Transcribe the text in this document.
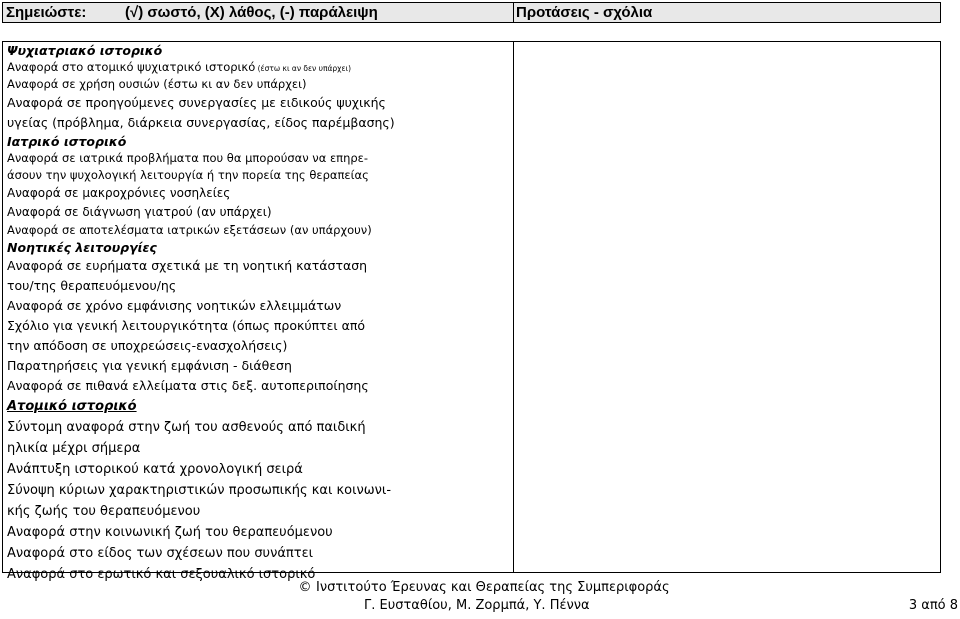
Σημειώστε:	(√) σωστό, (X) λάθος, (-) παράλειψη	Προτάσεις - σχόλια
Ψυχιατριακό ιστορικό
Αναφορά στο ατομικό ψυχιατρικό ιστορικό (έστω κι αν δεν υπάρχει)
Αναφορά σε χρήση ουσιών (έστω κι αν δεν υπάρχει)
Αναφορά σε προηγούμενες συνεργασίες με ειδικούς ψυχικής
υγείας (πρόβλημα, διάρκεια συνεργασίας, είδος παρέμβασης)
Ιατρικό ιστορικό
Αναφορά σε ιατρικά προβλήματα που θα μπορούσαν να επηρε-
άσουν την ψυχολογική λειτουργία ή την πορεία της θεραπείας
Αναφορά σε μακροχρόνιες νοσηλείες
Αναφορά σε διάγνωση γιατρού (αν υπάρχει)
Αναφορά σε αποτελέσματα ιατρικών εξετάσεων (αν υπάρχουν)
Νοητικές λειτουργίες
Αναφορά σε ευρήματα σχετικά με τη νοητική κατάσταση
του/της θεραπευόμενου/ης
Αναφορά σε χρόνο εμφάνισης νοητικών ελλειμμάτων
Σχόλιο για γενική λειτουργικότητα (όπως προκύπτει από
την απόδοση σε υποχρεώσεις-ενασχολήσεις)
Παρατηρήσεις για γενική εμφάνιση - διάθεση
Αναφορά σε πιθανά ελλείματα στις δεξ. αυτοπεριποίησης
Ατομικό ιστορικό
Σύντομη αναφορά στην ζωή του ασθενούς από παιδική
ηλικία μέχρι σήμερα
Ανάπτυξη ιστορικού κατά χρονολογική σειρά
Σύνοψη κύριων χαρακτηριστικών προσωπικής και κοινωνι-
κής ζωής του θεραπευόμενου
Αναφορά στην κοινωνική ζωή του θεραπευόμενου
Αναφορά στο είδος των σχέσεων που συνάπτει
Αναφορά στο ερωτικό και σεξουαλικό ιστορικό
© Ινστιτούτο Έρευνας και Θεραπείας της Συμπεριφοράς
Γ. Ευσταθίου, Μ. Ζορμπά, Υ. Πέννα	3 από 8
